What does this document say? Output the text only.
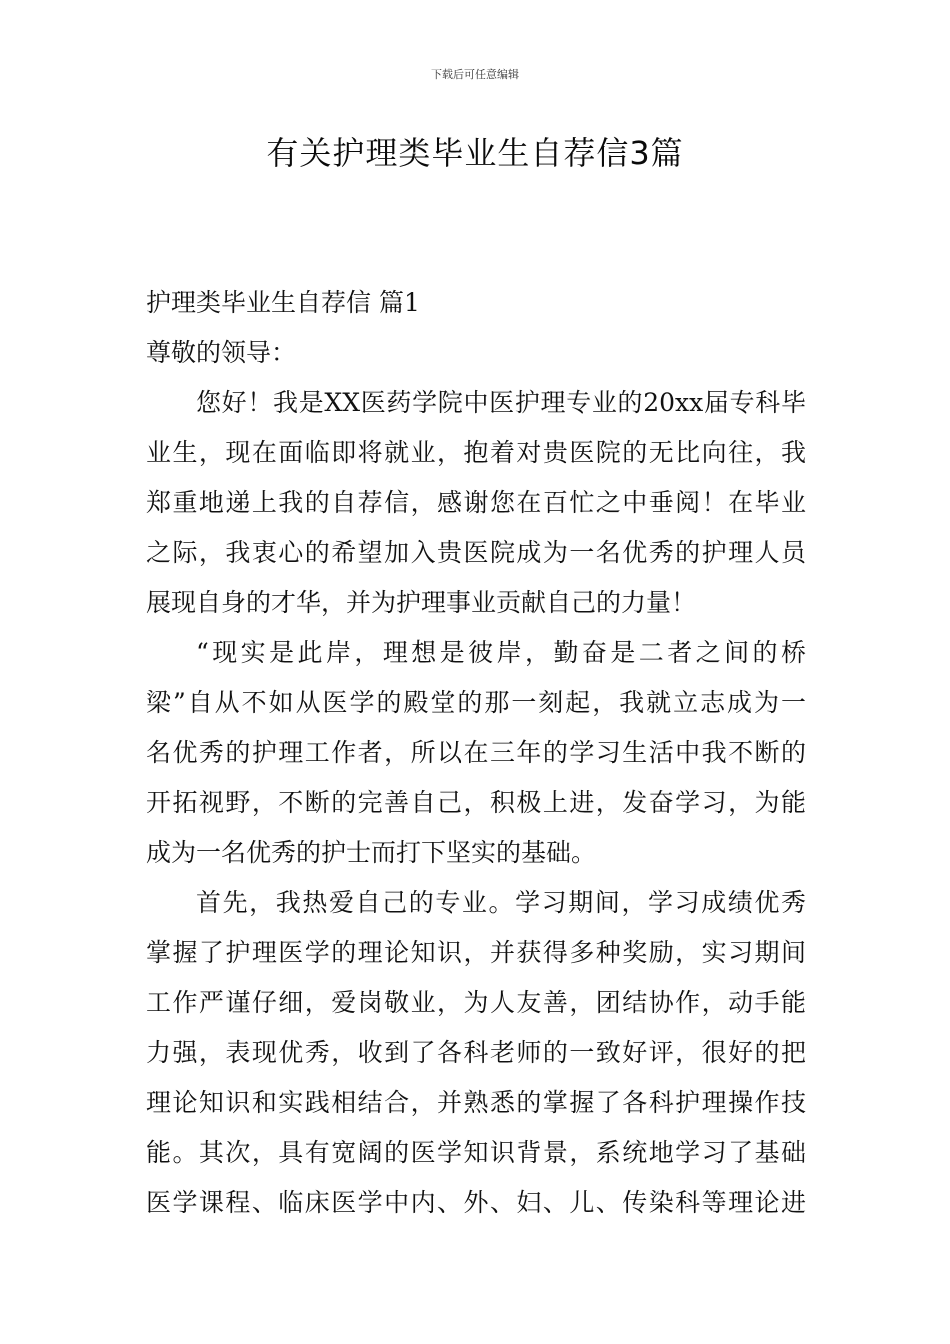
下载后可任意编辑
有关护理类毕业生自荐信3篇
护理类毕业生自荐信 篇1
尊敬的领导：
您好！我是XX医药学院中医护理专业的20xx届专科毕
业生，现在面临即将就业，抱着对贵医院的无比向往，我
郑重地递上我的自荐信，感谢您在百忙之中垂阅！在毕业
之际，我衷心的希望加入贵医院成为一名优秀的护理人员
展现自身的才华，并为护理事业贡献自己的力量！
“现实是此岸，理想是彼岸，勤奋是二者之间的桥
梁”自从不如从医学的殿堂的那一刻起，我就立志成为一
名优秀的护理工作者，所以在三年的学习生活中我不断的
开拓视野，不断的完善自己，积极上进，发奋学习，为能
成为一名优秀的护士而打下坚实的基础。
首先，我热爱自己的专业。学习期间，学习成绩优秀
掌握了护理医学的理论知识，并获得多种奖励，实习期间
工作严谨仔细，爱岗敬业，为人友善，团结协作，动手能
力强，表现优秀，收到了各科老师的一致好评，很好的把
理论知识和实践相结合，并熟悉的掌握了各科护理操作技
能。其次，具有宽阔的医学知识背景，系统地学习了基础
医学课程、临床医学中内、外、妇、儿、传染科等理论进
